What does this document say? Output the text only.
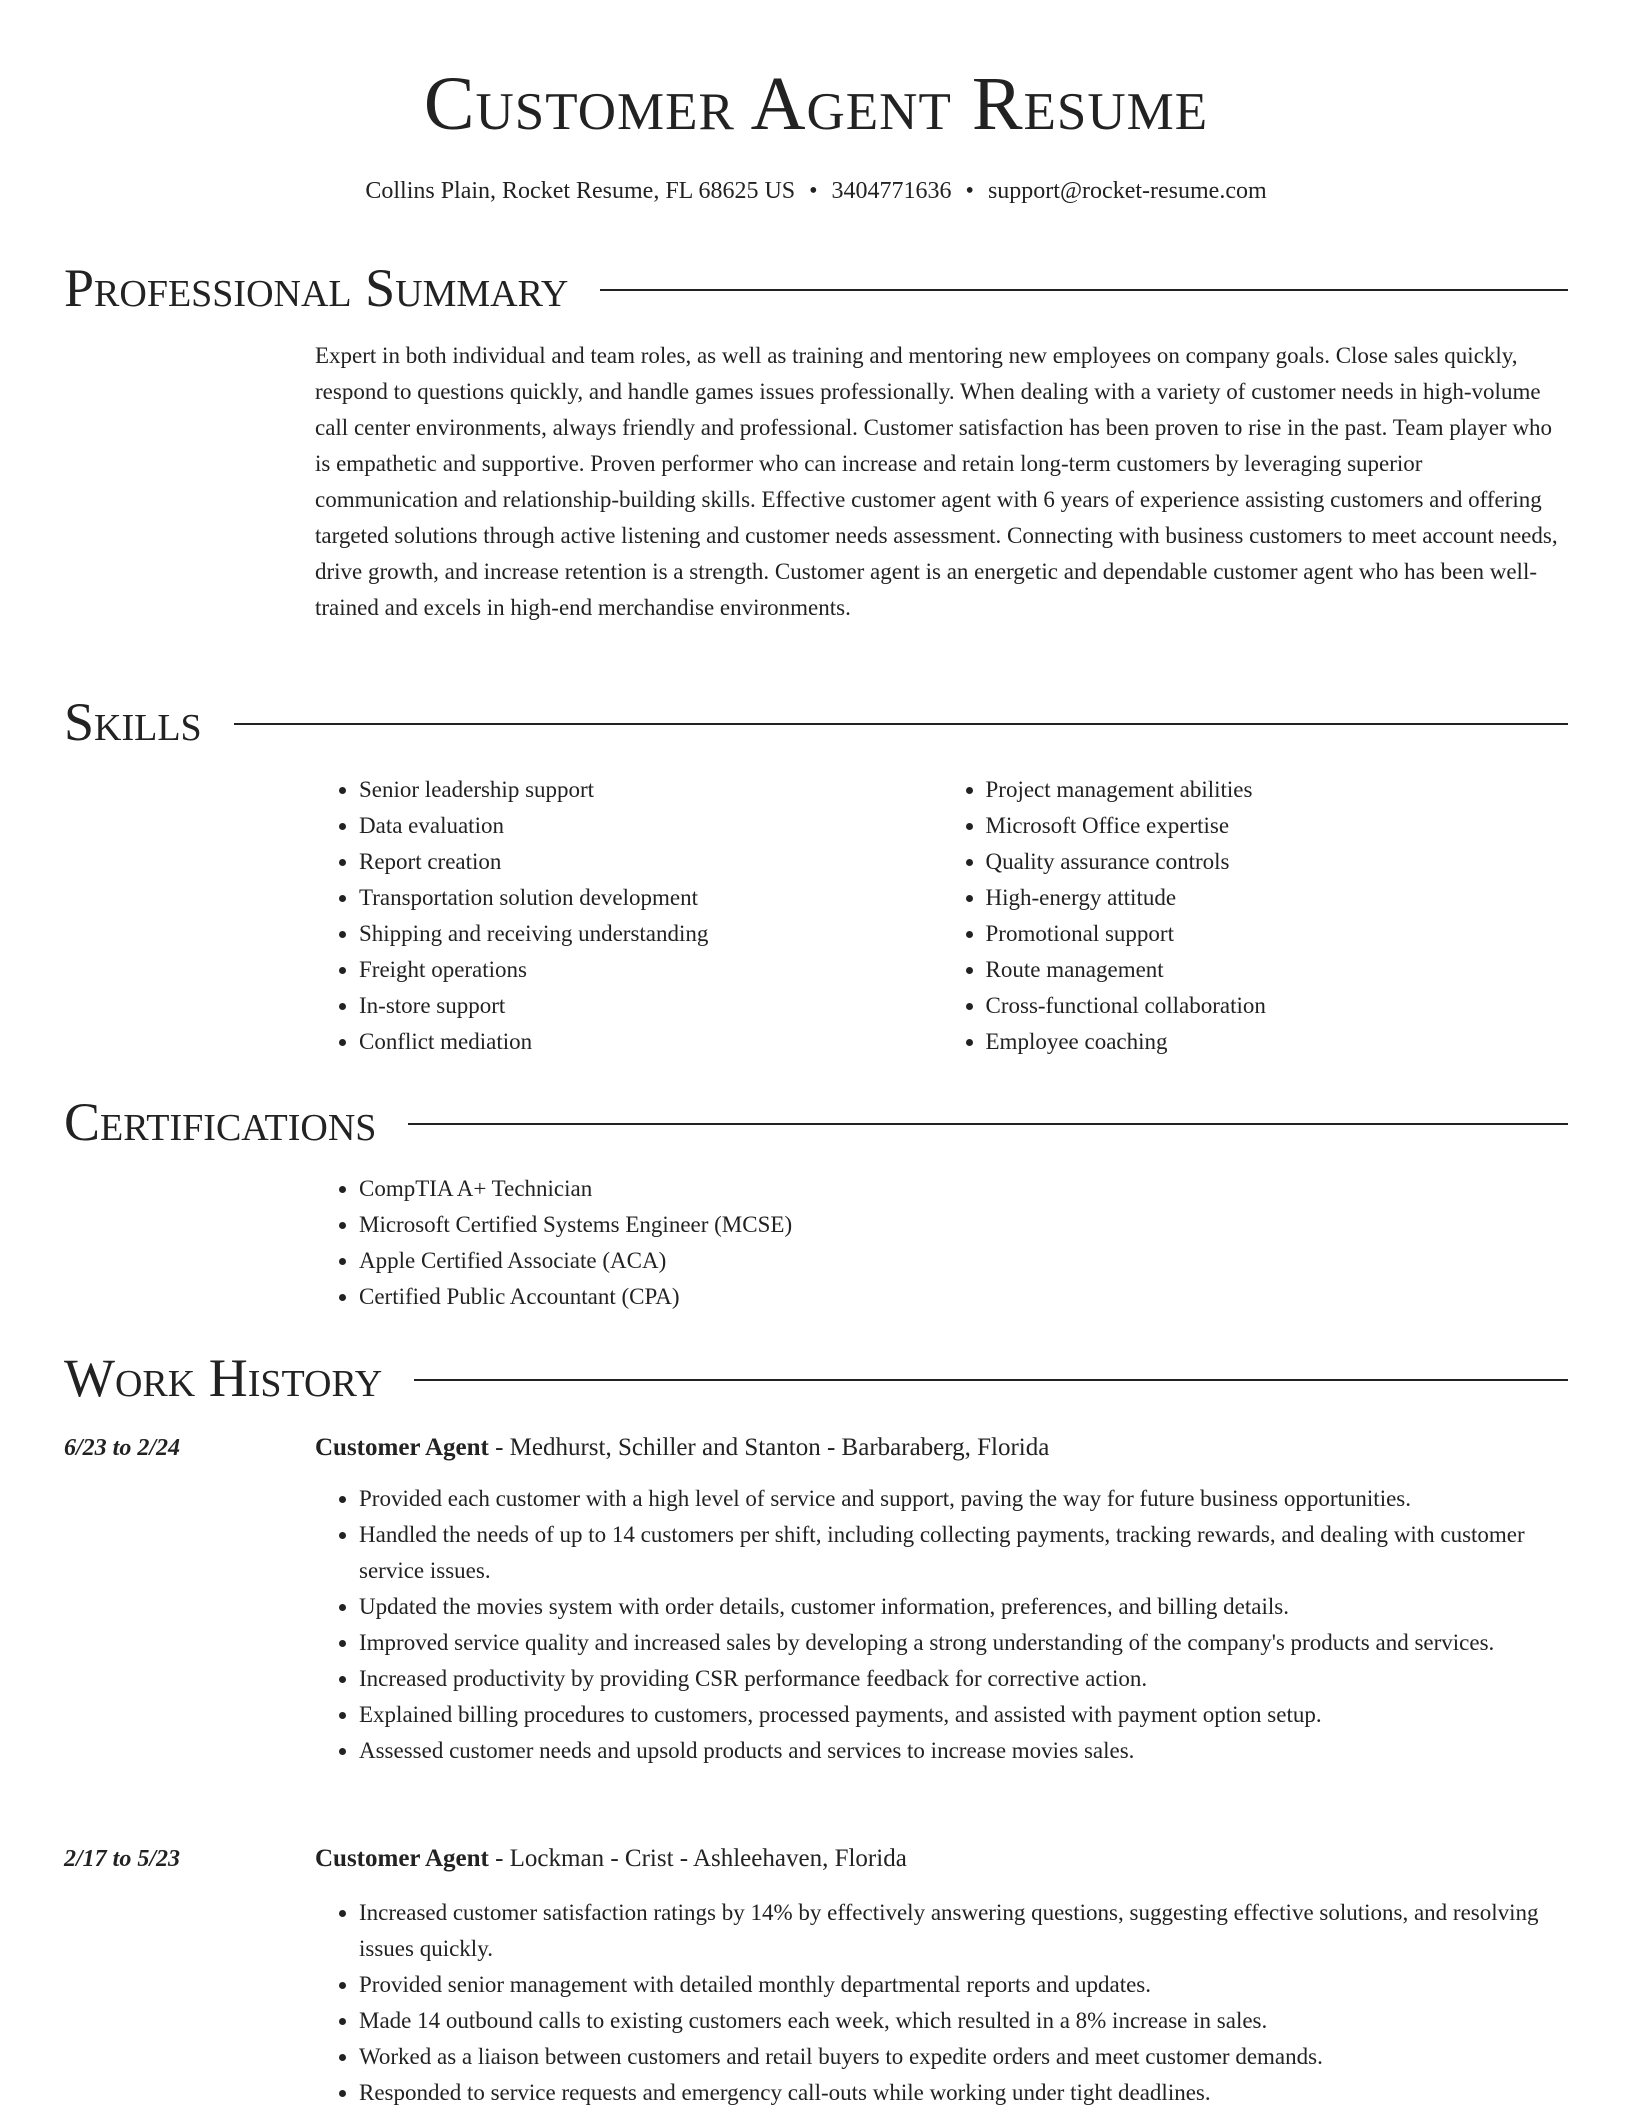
Customer Agent Resume
Collins Plain, Rocket Resume, FL 68625 US • 3404771636 • support@rocket-resume.com
Professional Summary

Expert in both individual and team roles, as well as training and mentoring new employees on company goals. Close sales quickly, respond to questions quickly, and handle games issues professionally. When dealing with a variety of customer needs in high-volume call center environments, always friendly and professional. Customer satisfaction has been proven to rise in the past. Team player who is empathetic and supportive. Proven performer who can increase and retain long-term customers by leveraging superior communication and relationship-building skills. Effective customer agent with 6 years of experience assisting customers and offering targeted solutions through active listening and customer needs assessment. Connecting with business customers to meet account needs, drive growth, and increase retention is a strength. Customer agent is an energetic and dependable customer agent who has been well-trained and excels in high-end merchandise environments.

Skills
• Senior leadership support
• Data evaluation
• Report creation
• Transportation solution development
• Shipping and receiving understanding
• Freight operations
• In-store support
• Conflict mediation
• Project management abilities
• Microsoft Office expertise
• Quality assurance controls
• High-energy attitude
• Promotional support
• Route management
• Cross-functional collaboration
• Employee coaching
Certifications
• CompTIA A+ Technician
• Microsoft Certified Systems Engineer (MCSE)
• Apple Certified Associate (ACA)
• Certified Public Accountant (CPA)
Work History
6/23 to 2/24	Customer Agent - Medhurst, Schiller and Stanton - Barbaraberg, Florida
• Provided each customer with a high level of service and support, paving the way for future business opportunities.
• Handled the needs of up to 14 customers per shift, including collecting payments, tracking rewards, and dealing with customer service issues.
• Updated the movies system with order details, customer information, preferences, and billing details.
• Improved service quality and increased sales by developing a strong understanding of the company's products and services.
• Increased productivity by providing CSR performance feedback for corrective action.
• Explained billing procedures to customers, processed payments, and assisted with payment option setup.
• Assessed customer needs and upsold products and services to increase movies sales.
2/17 to 5/23	Customer Agent - Lockman - Crist - Ashleehaven, Florida
• Increased customer satisfaction ratings by 14% by effectively answering questions, suggesting effective solutions, and resolving issues quickly.
• Provided senior management with detailed monthly departmental reports and updates.
• Made 14 outbound calls to existing customers each week, which resulted in a 8% increase in sales.
• Worked as a liaison between customers and retail buyers to expedite orders and meet customer demands.
• Responded to service requests and emergency call-outs while working under tight deadlines.
